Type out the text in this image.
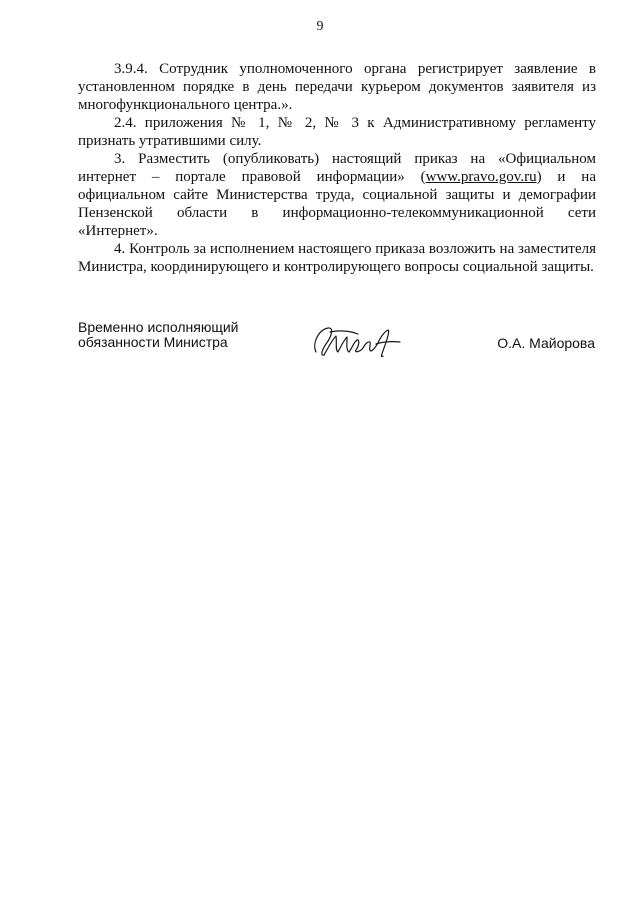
9

3.9.4. Сотрудник уполномоченного органа регистрирует заявление в установленном порядке в день передачи курьером документов заявителя из многофункционального центра.».

2.4. приложения № 1, № 2, № 3 к Административному регламенту признать утратившими силу.

3. Разместить (опубликовать) настоящий приказ на «Официальном интернет – портале правовой информации» (www.pravo.gov.ru) и на официальном сайте Министерства труда, социальной защиты и демографии Пензенской области в информационно-телекоммуникационной сети «Интернет».

4. Контроль за исполнением настоящего приказа возложить на заместителя Министра, координирующего и контролирующего вопросы социальной защиты.

Временно исполняющий
обязанности Министра	О.А. Майорова
